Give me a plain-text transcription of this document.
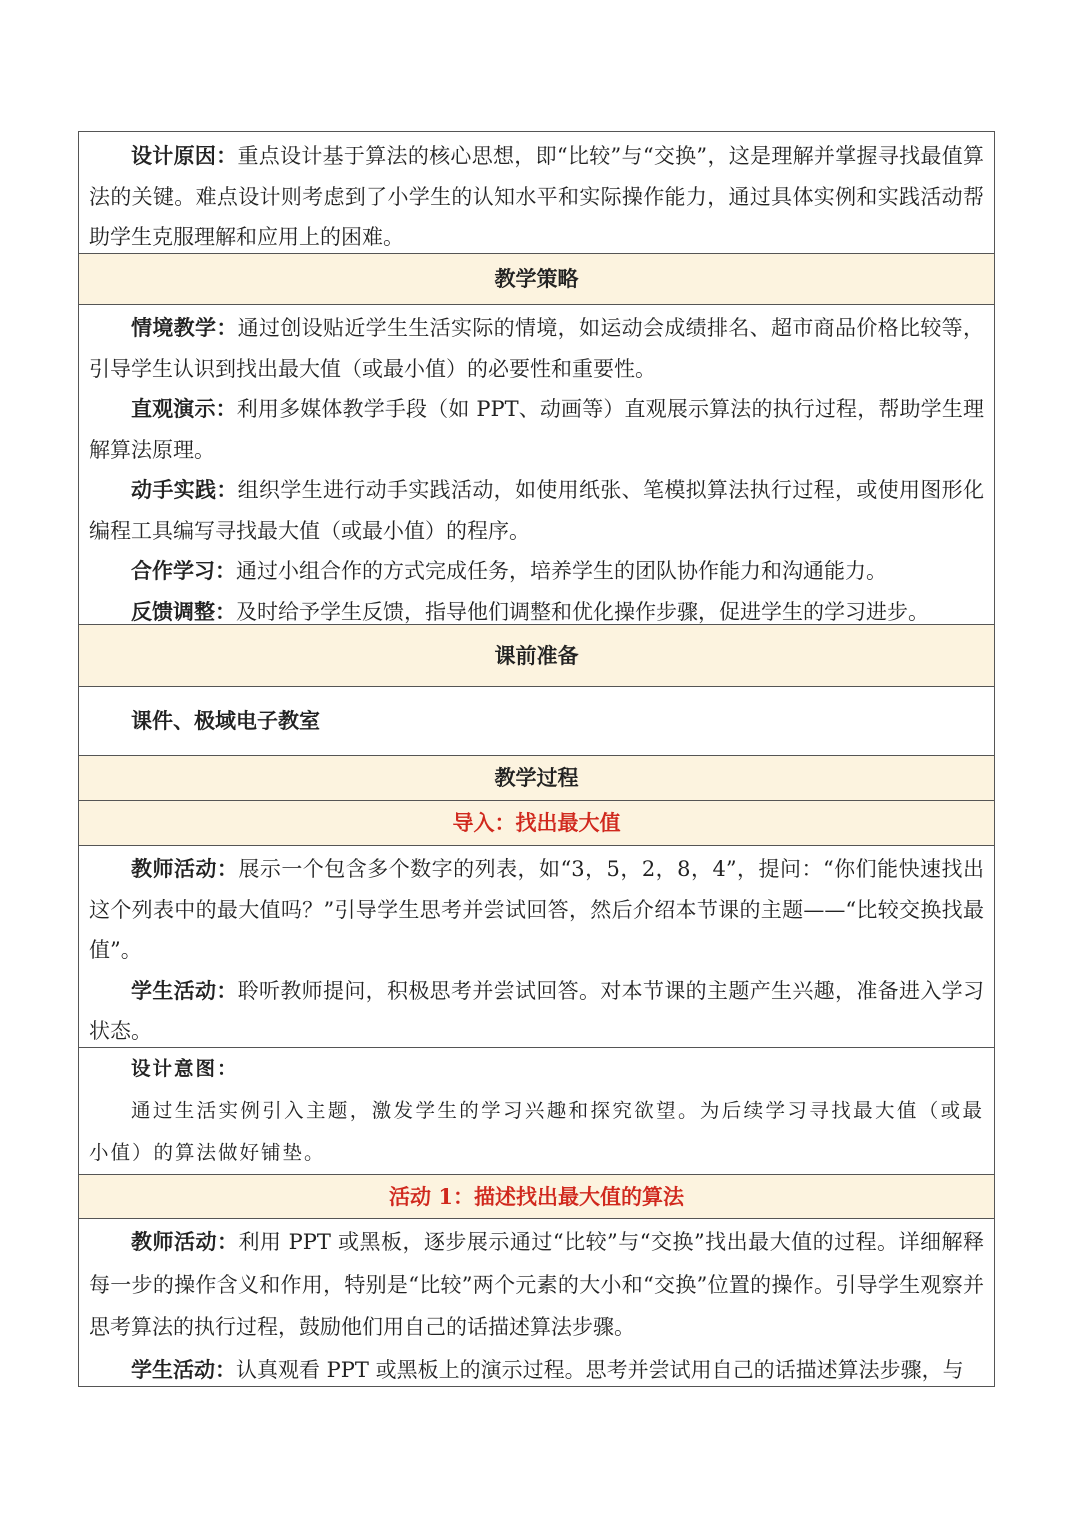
设计原因：重点设计基于算法的核心思想，即“比较”与“交换”，这是理解并掌握寻找最值算法的关键。难点设计则考虑到了小学生的认知水平和实际操作能力，通过具体实例和实践活动帮助学生克服理解和应用上的困难。

教学策略

情境教学：通过创设贴近学生生活实际的情境，如运动会成绩排名、超市商品价格比较等，引导学生认识到找出最大值（或最小值）的必要性和重要性。

直观演示：利用多媒体教学手段（如 PPT、动画等）直观展示算法的执行过程，帮助学生理解算法原理。

动手实践：组织学生进行动手实践活动，如使用纸张、笔模拟算法执行过程，或使用图形化编程工具编写寻找最大值（或最小值）的程序。

合作学习：通过小组合作的方式完成任务，培养学生的团队协作能力和沟通能力。

反馈调整：及时给予学生反馈，指导他们调整和优化操作步骤，促进学生的学习进步。

课前准备

课件、极域电子教室

教学过程
导入：找出最大值

教师活动：展示一个包含多个数字的列表，如“3，5，2，8，4”，提问：“你们能快速找出这个列表中的最大值吗？”引导学生思考并尝试回答，然后介绍本节课的主题——“比较交换找最值”。

学生活动：聆听教师提问，积极思考并尝试回答。对本节课的主题产生兴趣，准备进入学习状态。

设计意图：

通过生活实例引入主题，激发学生的学习兴趣和探究欲望。为后续学习寻找最大值（或最小值）的算法做好铺垫。

活动 1：描述找出最大值的算法

教师活动：利用 PPT 或黑板，逐步展示通过“比较”与“交换”找出最大值的过程。详细解释每一步的操作含义和作用，特别是“比较”两个元素的大小和“交换”位置的操作。引导学生观察并思考算法的执行过程，鼓励他们用自己的话描述算法步骤。

学生活动：认真观看 PPT 或黑板上的演示过程。思考并尝试用自己的话描述算法步骤，与
